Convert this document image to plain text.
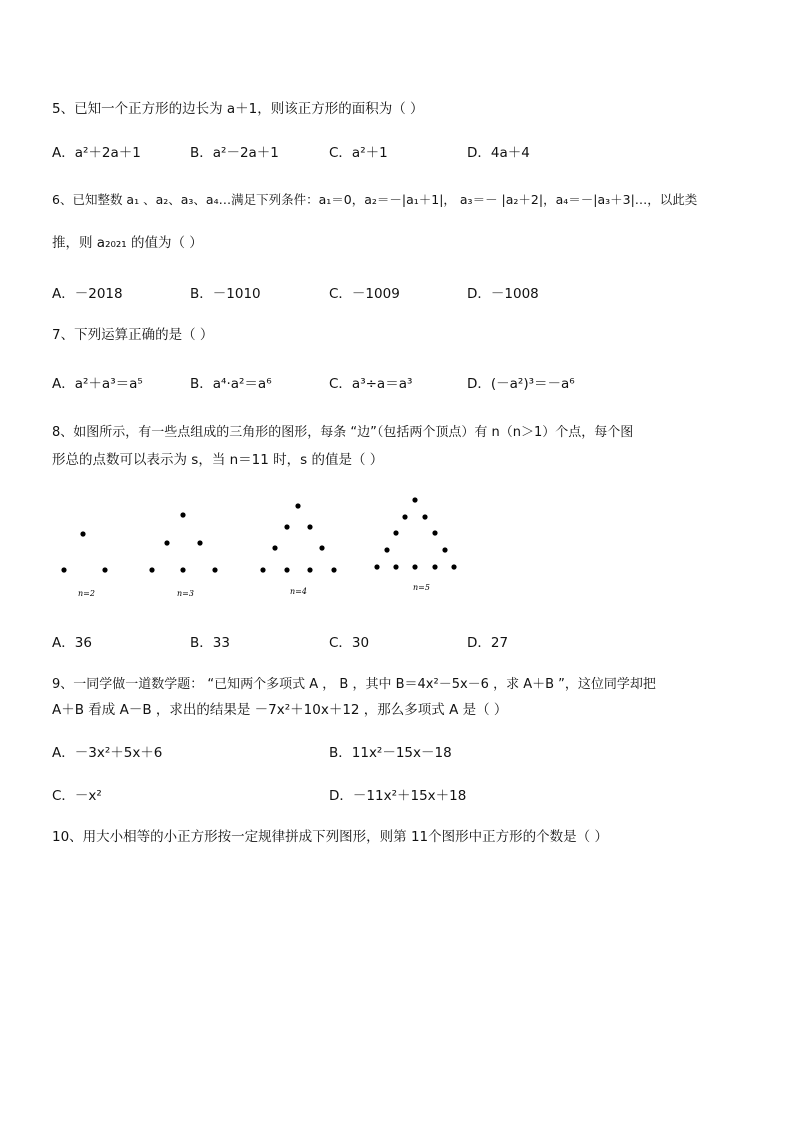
5、已知一个正方形的边长为 a＋1，则该正方形的面积为（ ）
A．a²＋2a＋1	B．a²－2a＋1	C．a²＋1	D．4a＋4
6、已知整数 a₁ 、a₂、a₃、a₄…满足下列条件：a₁＝0，a₂＝－|a₁＋1|， a₃＝－ |a₂＋2|，a₄＝－|a₃＋3|…，以此类
推，则 a₂₀₂₁ 的值为（ ）
A．－2018	B．－1010	C．－1009	D．－1008
7、下列运算正确的是（ ）
A．a²＋a³＝a⁵	B．a⁴·a²＝a⁶	C．a³÷a＝a³	D．(－a²)³＝－a⁶
8、如图所示，有一些点组成的三角形的图形，每条 “边”（包括两个顶点）有 n（n＞1）个点，每个图
形总的点数可以表示为 s，当 n＝11 时，s 的值是（ ）
n=2	n=3	n=4	n=5
A．36	B．33	C．30	D．27
9、一同学做一道数学题： “已知两个多项式 A ， B ，其中 B＝4x²－5x－6 ，求 A＋B ”，这位同学却把
A＋B 看成 A－B ，求出的结果是 －7x²＋10x＋12 ，那么多项式 A 是（ ）
A．－3x²＋5x＋6	B．11x²－15x－18
C．－x²	D．－11x²＋15x＋18
10、用大小相等的小正方形按一定规律拼成下列图形，则第 11个图形中正方形的个数是（ ）
